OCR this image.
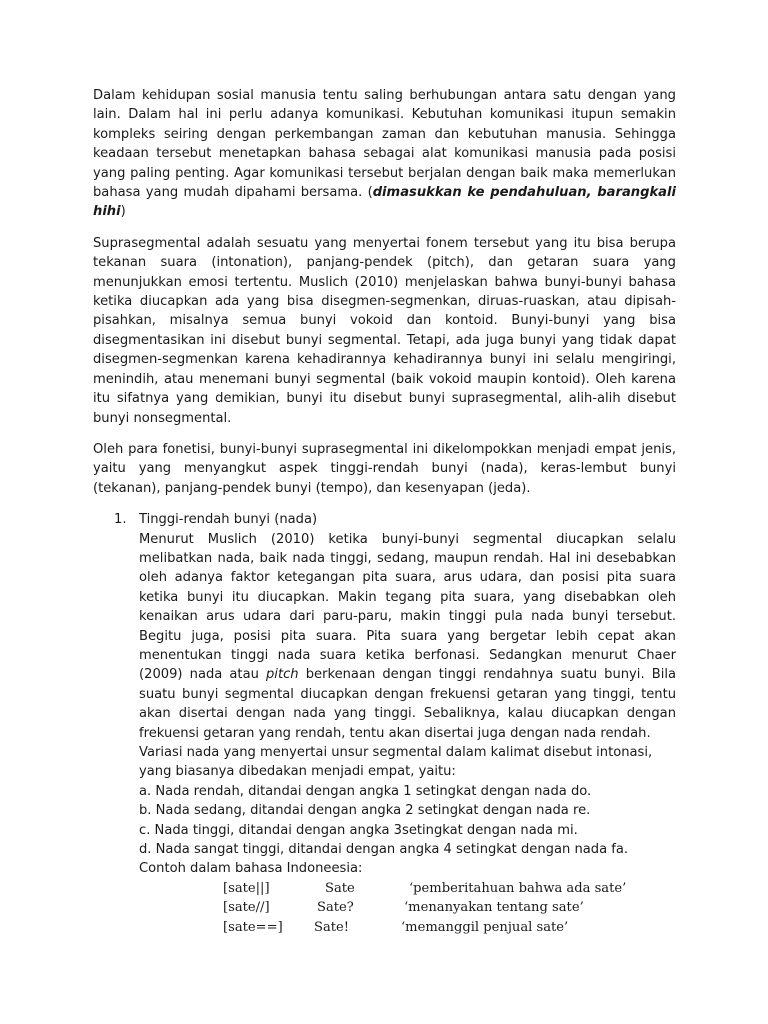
Dalam kehidupan sosial manusia tentu saling berhubungan antara satu dengan yang lain. Dalam hal ini perlu adanya komunikasi. Kebutuhan komunikasi itupun semakin kompleks seiring dengan perkembangan zaman dan kebutuhan manusia. Sehingga keadaan tersebut menetapkan bahasa sebagai alat komunikasi manusia pada posisi yang paling penting. Agar komunikasi tersebut berjalan dengan baik maka memerlukan bahasa yang mudah dipahami bersama. (dimasukkan ke pendahuluan, barangkali hihi)

Suprasegmental adalah sesuatu yang menyertai fonem tersebut yang itu bisa berupa tekanan suara (intonation), panjang-pendek (pitch), dan getaran suara yang menunjukkan emosi tertentu. Muslich (2010) menjelaskan bahwa bunyi-bunyi bahasa ketika diucapkan ada yang bisa disegmen-segmenkan, diruas-ruaskan, atau dipisah-pisahkan, misalnya semua bunyi vokoid dan kontoid. Bunyi-bunyi yang bisa disegmentasikan ini disebut bunyi segmental. Tetapi, ada juga bunyi yang tidak dapat disegmen-segmenkan karena kehadirannya kehadirannya bunyi ini selalu mengiringi, menindih, atau menemani bunyi segmental (baik vokoid maupin kontoid). Oleh karena itu sifatnya yang demikian, bunyi itu disebut bunyi suprasegmental, alih-alih disebut bunyi nonsegmental.

Oleh para fonetisi, bunyi-bunyi suprasegmental ini dikelompokkan menjadi empat jenis, yaitu yang menyangkut aspek tinggi-rendah bunyi (nada), keras-lembut bunyi (tekanan), panjang-pendek bunyi (tempo), dan kesenyapan (jeda).

1. Tinggi-rendah bunyi (nada)

Menurut Muslich (2010) ketika bunyi-bunyi segmental diucapkan selalu melibatkan nada, baik nada tinggi, sedang, maupun rendah. Hal ini desebabkan oleh adanya faktor ketegangan pita suara, arus udara, dan posisi pita suara ketika bunyi itu diucapkan. Makin tegang pita suara, yang disebabkan oleh kenaikan arus udara dari paru-paru, makin tinggi pula nada bunyi tersebut. Begitu juga, posisi pita suara. Pita suara yang bergetar lebih cepat akan menentukan tinggi nada suara ketika berfonasi. Sedangkan menurut Chaer (2009) nada atau pitch berkenaan dengan tinggi rendahnya suatu bunyi. Bila suatu bunyi segmental diucapkan dengan frekuensi getaran yang tinggi, tentu akan disertai dengan nada yang tinggi. Sebaliknya, kalau diucapkan dengan frekuensi getaran yang rendah, tentu akan disertai juga dengan nada rendah.

Variasi nada yang menyertai unsur segmental dalam kalimat disebut intonasi, yang biasanya dibedakan menjadi empat, yaitu:

a. Nada rendah, ditandai dengan angka 1 setingkat dengan nada do.

b. Nada sedang, ditandai dengan angka 2 setingkat dengan nada re.

c. Nada tinggi, ditandai dengan angka 3setingkat dengan nada mi.

d. Nada sangat tinggi, ditandai dengan angka 4 setingkat dengan nada fa.

Contoh dalam bahasa Indoneesia:

[sate||]	Sate	‘pemberitahuan bahwa ada sate’
[sate//]	Sate?	‘menanyakan tentang sate’
[sate==] Sate!	‘memanggil penjual sate’
